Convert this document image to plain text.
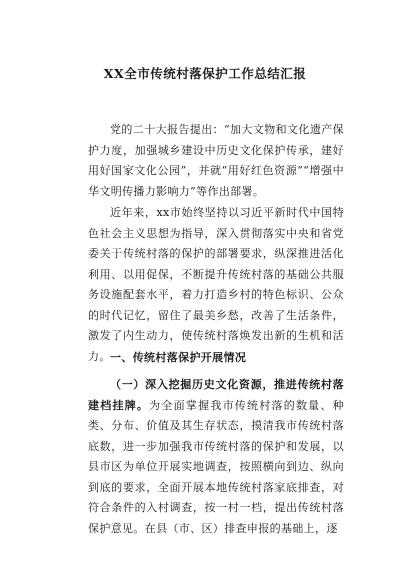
XX全市传统村落保护工作总结汇报
党的二十大报告提出：“加大文物和文化遗产保护力度，加强城乡建设中历史文化保护传承，建好用好国家文化公园”，并就“用好红色资源”“增强中华文明传播力影响力”等作出部署。
近年来，xx市始终坚持以习近平新时代中国特色社会主义思想为指导，深入贯彻落实中央和省党委关于传统村落的保护的部署要求，纵深推进活化利用、以用促保，不断提升传统村落的基础公共服务设施配套水平，着力打造乡村的特色标识、公众的时代记忆，留住了最美乡愁，改善了生活条件，激发了内生动力，使传统村落焕发出新的生机和活力。 一、传统村落保护开展情况
（一）深入挖掘历史文化资源，推进传统村落建档挂牌。为全面掌握我市传统村落的数量、种类、分布、价值及其生存状态，摸清我市传统村落底数，进一步加强我市传统村落的保护和发展，以县市区为单位开展实地调查，按照横向到边、纵向到底的要求，全面开展本地传统村落家底排查，对符合条件的入村调查，按一村一档，提出传统村落保护意见。在县（市、区）排查申报的基础上，逐
